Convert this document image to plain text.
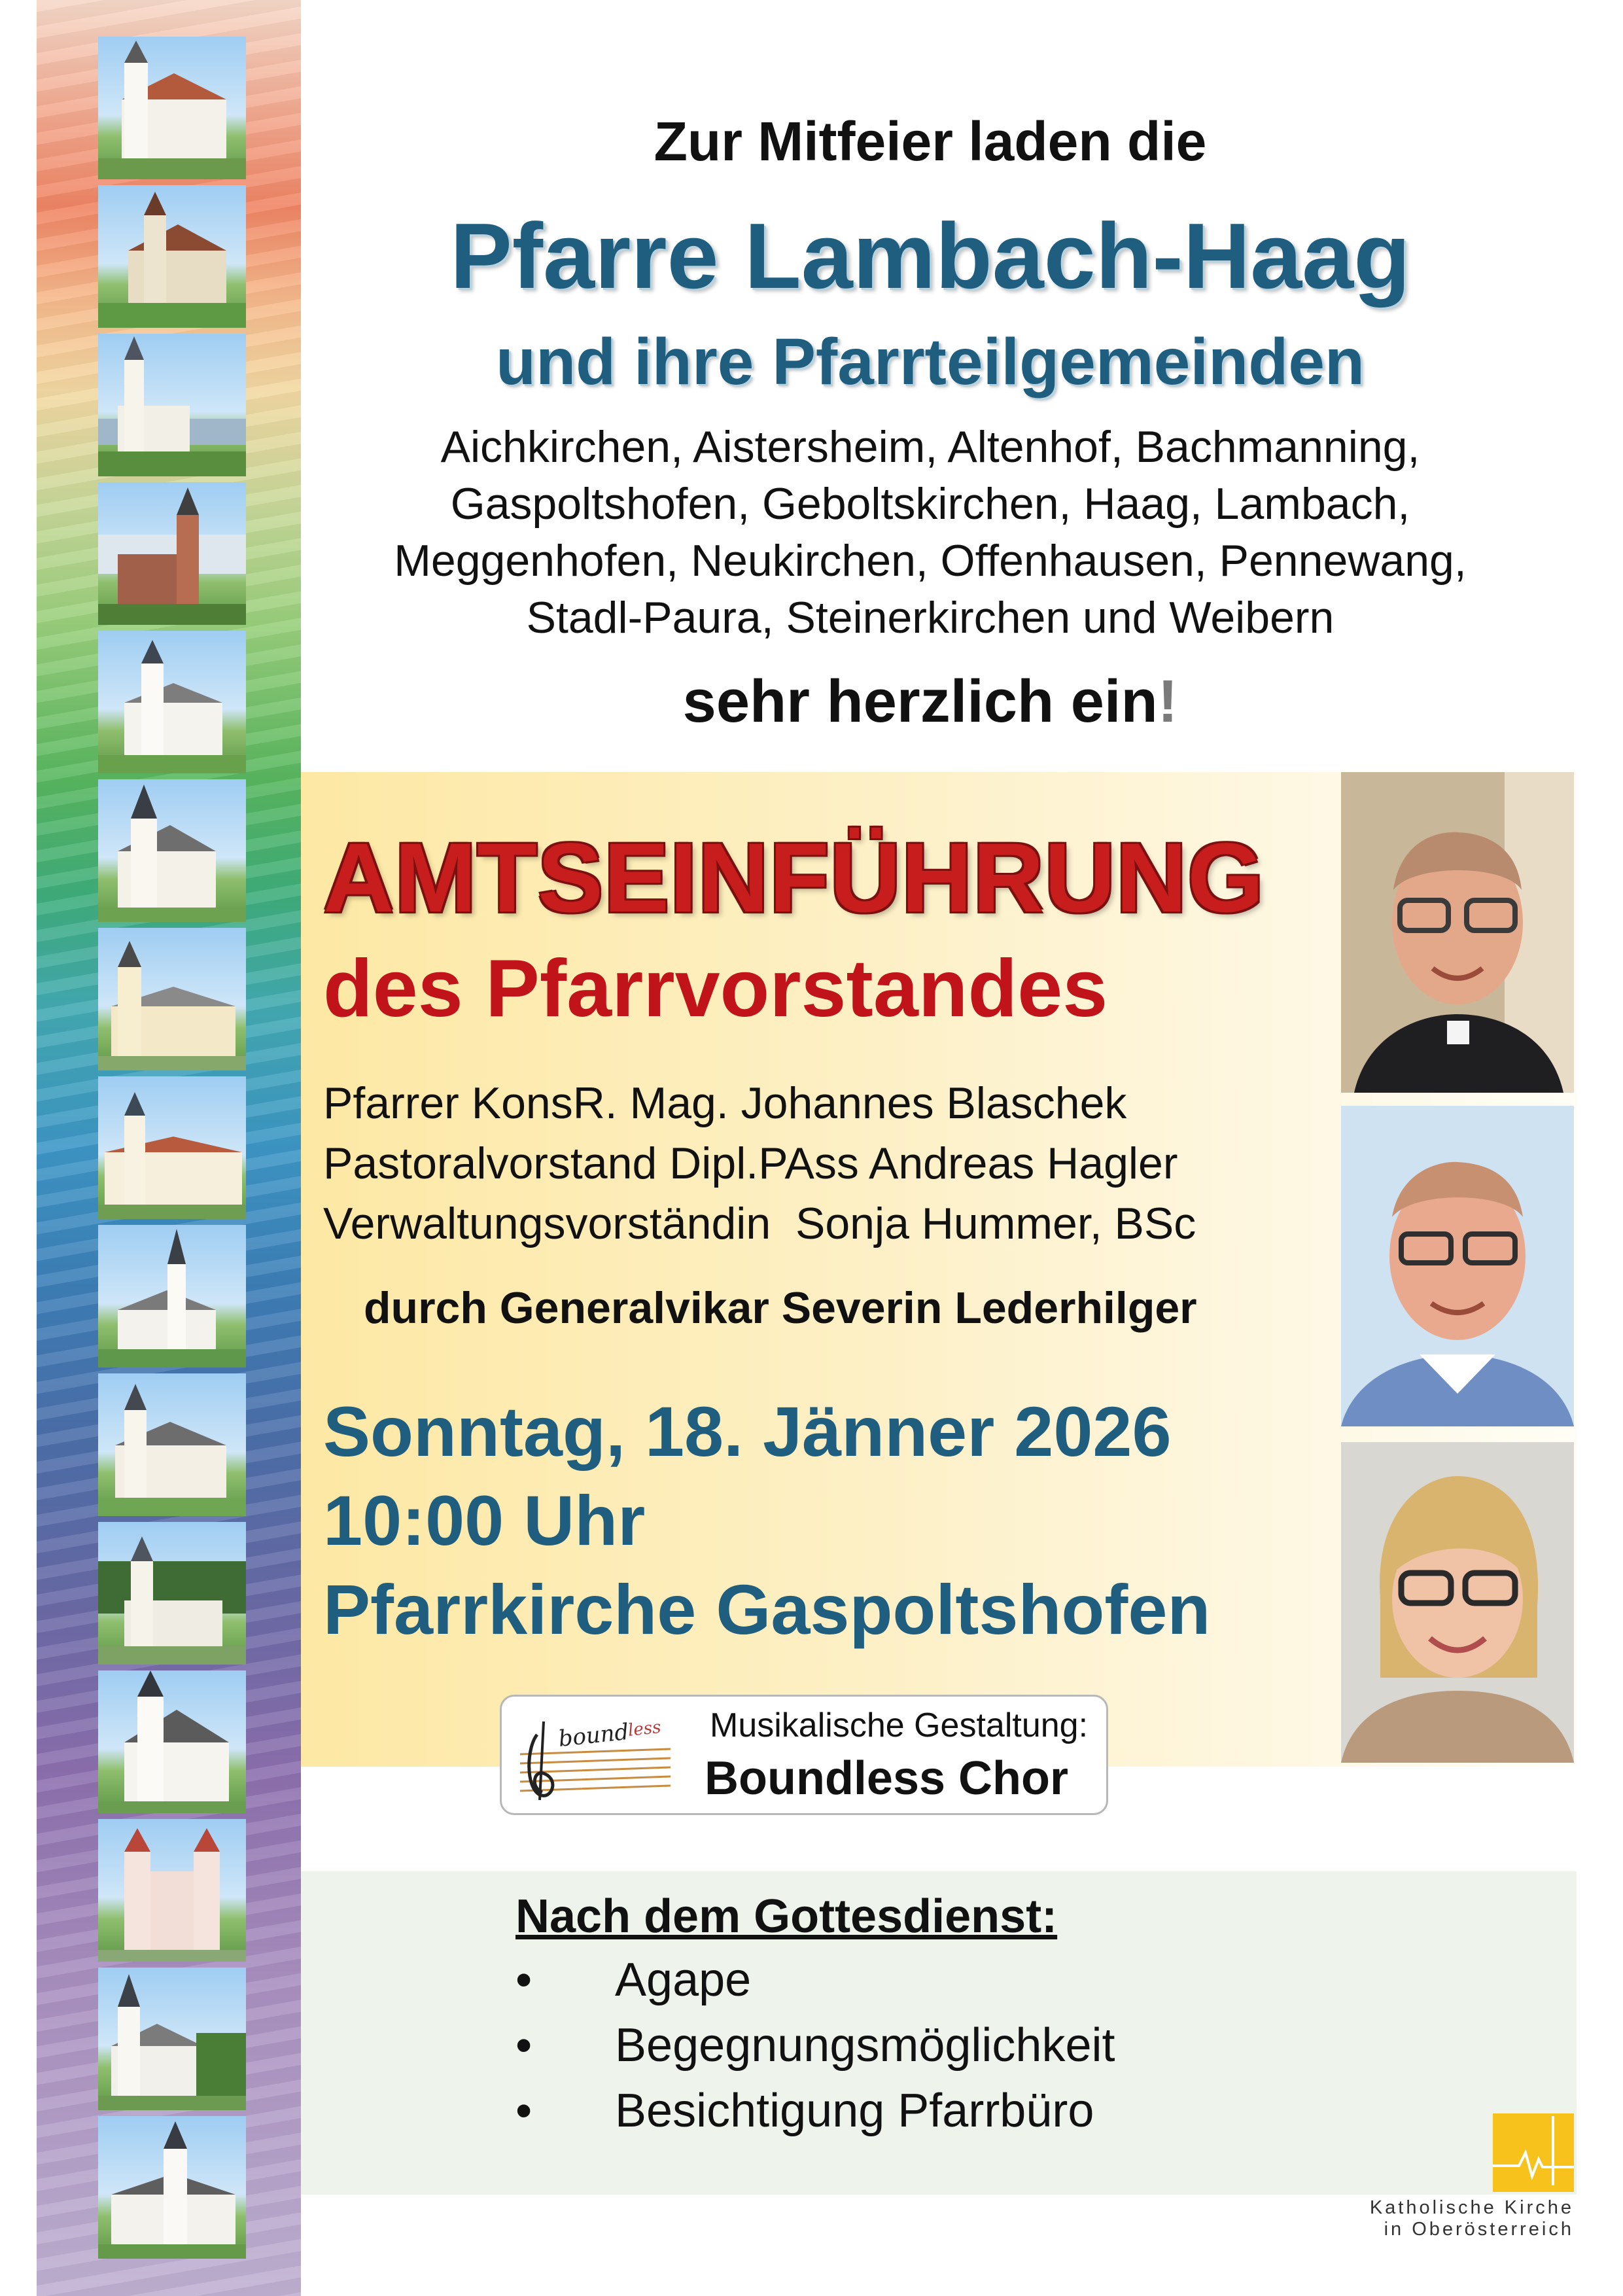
Zur Mitfeier laden die
Pfarre Lambach-Haag
und ihre Pfarrteilgemeinden
Aichkirchen, Aistersheim, Altenhof, Bachmanning,
Gaspoltshofen, Geboltskirchen, Haag, Lambach,
Meggenhofen, Neukirchen, Offenhausen, Pennewang,
Stadl-Paura, Steinerkirchen und Weibern
sehr herzlich ein!
AMTSEINFÜHRUNG
des Pfarrvorstandes
Pfarrer KonsR. Mag. Johannes Blaschek
Pastoralvorstand Dipl.PAss Andreas Hagler
Verwaltungsvorständin  Sonja Hummer, BSc
durch Generalvikar Severin Lederhilger
Sonntag, 18. Jänner 2026
10:00 Uhr
Pfarrkirche Gaspoltshofen
bound
less Musikalische Gestaltung:
Boundless Chor
Nach dem Gottesdienst:
• Agape
• Begegnungsmöglichkeit
• Besichtigung Pfarrbüro
Katholische Kirche
in Oberösterreich
